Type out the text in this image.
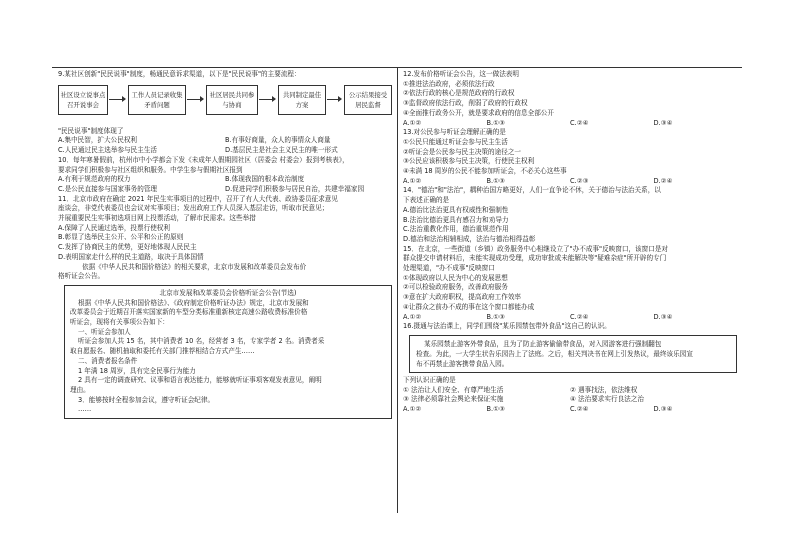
9.某社区创新"民民说事"制度，畅通民意诉求渠道，以下是"民民说事"的主要流程：
社区设立说事点召开说事会
工作人员记录收集矛盾问题
社区居民共同参与协商
共同制定最佳方案
公示结果接受居民监督
"民民说事"制度体现了
A.集中民智，扩大公民权利	B.有事好商量，众人的事情众人商量
C.人民通过民主选举参与民主生活	D.基层民主是社会主义民主的唯一形式
10．每年寒暑假前，杭州市中小学都会下发《未成年人假期园社区（居委会 村委会）报到考核表》，
要求同学们积极参与社区组织和服务。中学生参与假期社区报到
A.有利于规范政府的权力	B.体现我国的根本政治制度
C.是公民直接参与国家事务的管理	D.促进同学们积极参与居民自治，共建幸福家园
11．北京市政府在确定 2021 年民生实事项目的过程中，召开了有人大代表、政协委员征求意见
座谈会，非党代表委员也会议对实事项目；发出政府工作人员深入基层走访，听取市民意见；
并展重要民生实事初选项目网上投票活动，了解市民需求。这些举措
A.保障了人民通过选举，投票行使权利
B.彰显了选举民主公开、公平和公正的原则
C.发挥了协商民主的优势，更好地体现人民民主
D.表明国家走什么样的民主道路，取决于具体国情
依据《中华人民共和国价格法》的相关要求，北京市发展和改革委员会发布价
格听证会公告。
北京市发展和改革委员会价格听证会公告(节选)
根据《中华人民共和国价格法》、《政府制定价格听证办法》规定，北京市发展和
改革委员会于近期召开落实国家新的车型分类标准重新核定高速公路收费标准价格
听证会，现将有关事项公告如下：
一、听证会参加人
听证会参加人共 15 名，其中消费者 10 名，经营者 3 名，专家学者 2 名。消费者采
取自愿报名、随机抽取和委托有关部门推荐相结合方式产生……
二、消费者报名条件
1 年满 18 周岁，具有完全民事行为能力
2 具有一定的调查研究、议事和语言表达能力，能够就听证事项客观发表意见，阐明
理由。
3．能够按时全程参加会议，遵守听证会纪律。
……
12.发布价格听证会公告，这一做法表明
①推进法治政府，必须依法行政
②依法行政的核心是规范政府的行政权
③监督政府依法行政，削弱了政府的行政权
④全面推行政务公开，就是要求政府的信息全部公开
A.①②	B.①③	C.②④	D.③④
13.对公民参与听证会理解正确的是
①公民只能通过听证会参与民主生活
②听证会是公民参与民主决策的途径之一
③公民应该积极参与民主决策，行使民主权利
④未满 18 周岁的公民不能参加听证会，不必关心这些事
A.①②	B.①③	C.②③	D.②④
14．"德治"和"法治"，耦种治国方略更好，人们一直争论不休，关于德治与法治关系，以
下表述正确的是
A.德治比法治更具有权威性和强制性
B.法治比德治更具有感召力和劝导力
C.法治重教化作用，德治重规范作用
D.德治和法治相辅相成，法治与德治相得益彰
15．在北京，一些街道（乡镇）政务服务中心相继设立了"办不成事"反映窗口，该窗口是对
群众提交申请材料后，未能实现成功受理，成功审批或未能解决等"疑难杂症"所开辟的专门
处理渠道，"办不成事"反映窗口
①体现政府以人民为中心的发展思想
②可以检验政府服务，改善政府服务
③意在扩大政府职权，提高政府工作效率
④让群众之前办不成的事在这个窗口都能办成
A.①②	B.①③	C.②④	D.③④
16.摄通与法治课上，同学们围绕"某乐园禁包带外食品"这自己的认识。
某乐园禁止游客外带食品，且为了防止游客偷偷带食品，对入园游客进行强制翻包
检查。为此，一大学生状告乐园告上了法庭。之后，相关判决书在网上引发热议，最终该乐园宣
布不再禁止游客携带食品入园。
下列认识正确的是
① 法治让人们安全、有尊严地生活	② 遇事找法，依法维权
③ 法律必须靠社会舆论来保证实施	④ 法治要求实行良法之治
A.①②	B.①③	C.②④	D.③④
